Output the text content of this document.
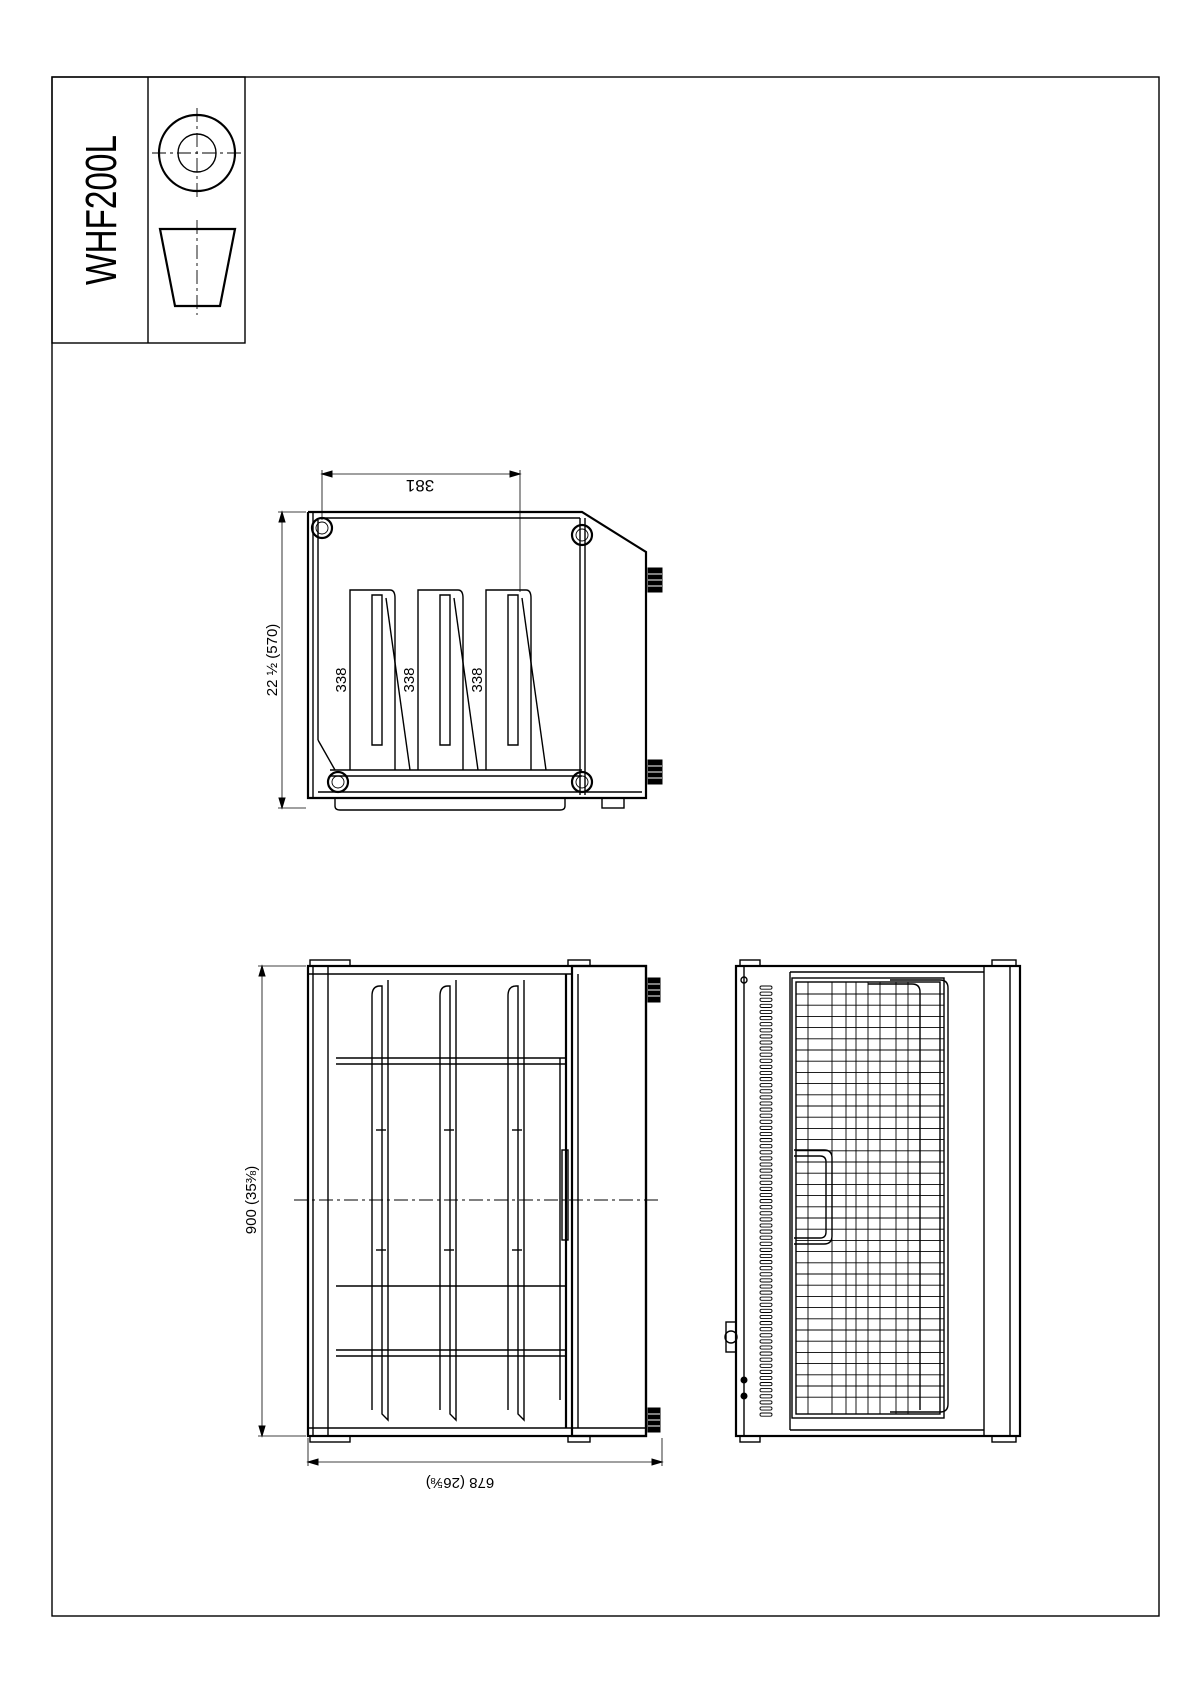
WHF200L
381
22 ½ (570)	338	338	338
900 (35⅜)
678 (26⅝)
